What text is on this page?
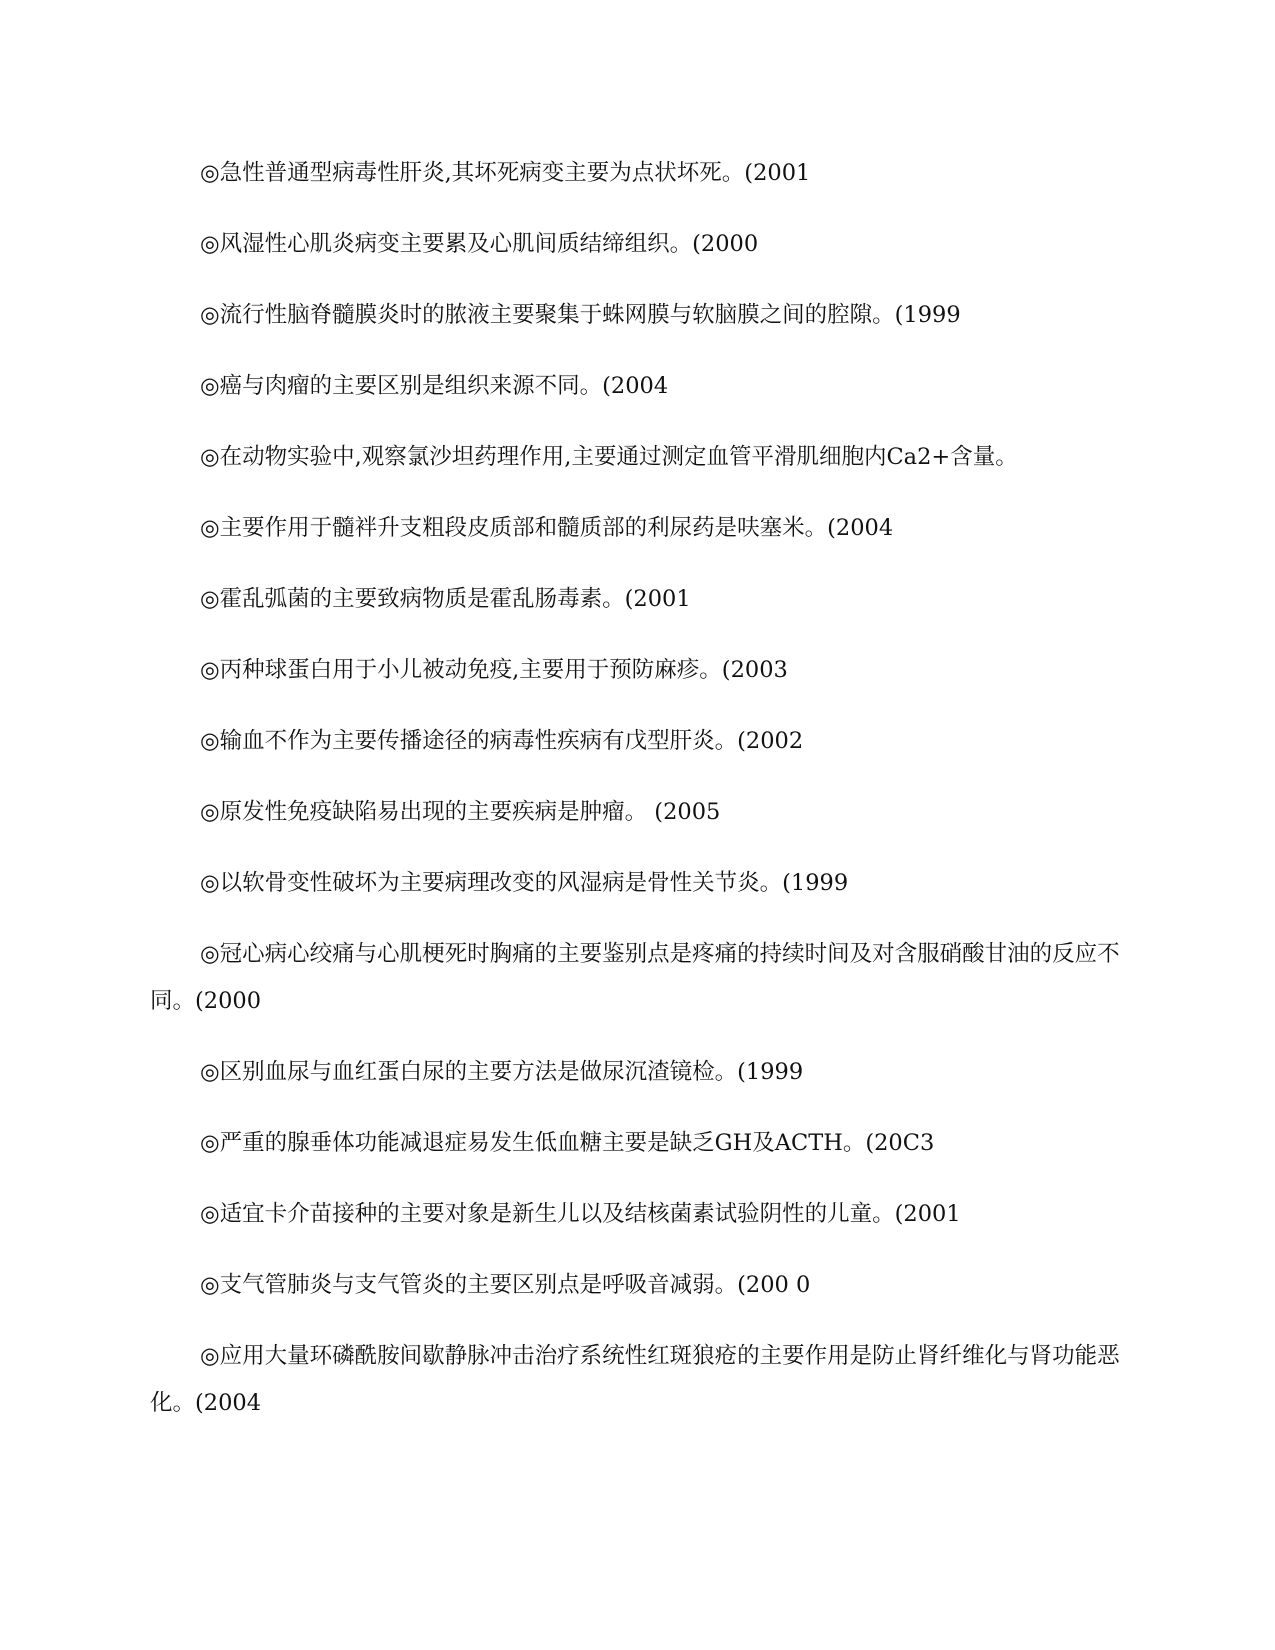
◎急性普通型病毒性肝炎,其坏死病变主要为点状坏死。(2001

◎风湿性心肌炎病变主要累及心肌间质结缔组织。(2000

◎流行性脑脊髓膜炎时的脓液主要聚集于蛛网膜与软脑膜之间的腔隙。(1999

◎癌与肉瘤的主要区别是组织来源不同。(2004

◎在动物实验中,观察氯沙坦药理作用,主要通过测定血管平滑肌细胞内Ca2+含量。

◎主要作用于髓袢升支粗段皮质部和髓质部的利尿药是呋塞米。(2004

◎霍乱弧菌的主要致病物质是霍乱肠毒素。(2001

◎丙种球蛋白用于小儿被动免疫,主要用于预防麻疹。(2003

◎输血不作为主要传播途径的病毒性疾病有戊型肝炎。(2002

◎原发性免疫缺陷易出现的主要疾病是肿瘤。 (2005

◎以软骨变性破坏为主要病理改变的风湿病是骨性关节炎。(1999

◎冠心病心绞痛与心肌梗死时胸痛的主要鉴别点是疼痛的持续时间及对含服硝酸甘油的反应不同。(2000

◎区别血尿与血红蛋白尿的主要方法是做尿沉渣镜检。(1999

◎严重的腺垂体功能减退症易发生低血糖主要是缺乏GH及ACTH。(20C3

◎适宜卡介苗接种的主要对象是新生儿以及结核菌素试验阴性的儿童。(2001

◎支气管肺炎与支气管炎的主要区别点是呼吸音减弱。(200 0

◎应用大量环磷酰胺间歇静脉冲击治疗系统性红斑狼疮的主要作用是防止肾纤维化与肾功能恶化。(2004
